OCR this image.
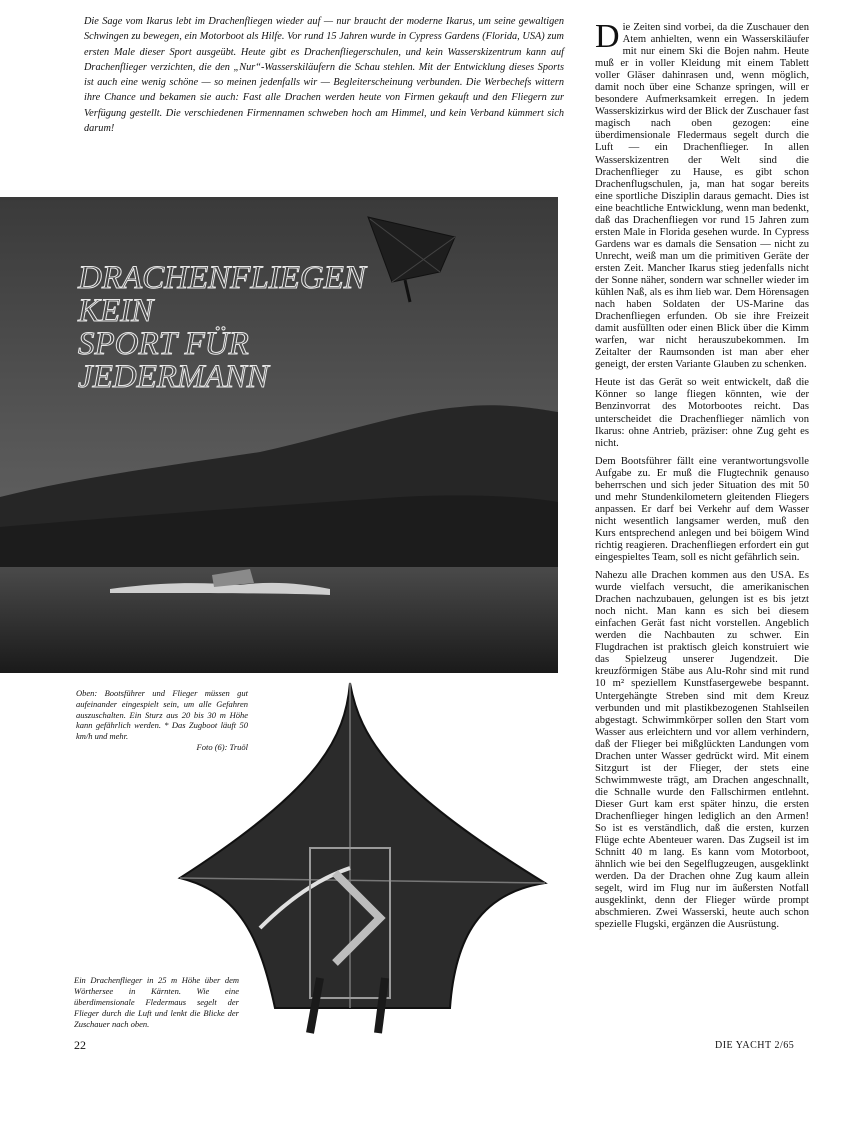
Die Sage vom Ikarus lebt im Drachenfliegen wieder auf — nur braucht der moderne Ikarus, um seine gewaltigen Schwingen zu bewegen, ein Motorboot als Hilfe. Vor rund 15 Jahren wurde in Cypress Gardens (Florida, USA) zum ersten Male dieser Sport ausgeübt. Heute gibt es Drachenfliegerschulen, und kein Wasserskizentrum kann auf Drachenflieger verzichten, die den „Nur“-Wasserskiläufern die Schau stehlen. Mit der Entwicklung dieses Sports ist auch eine wenig schöne — so meinen jedenfalls wir — Begleiterscheinung verbunden. Die Werbechefs wittern ihre Chance und bekamen sie auch: Fast alle Drachen werden heute von Firmen gekauft und den Fliegern zur Verfügung gestellt. Die verschiedenen Firmennamen schweben hoch am Himmel, und kein Verband kümmert sich darum!

DRACHENFLIEGEN
KEIN
SPORT FÜR
JEDERMANN
Oben: Bootsführer und Flieger müssen gut aufeinander eingespielt sein, um alle Gefahren auszuschalten. Ein Sturz aus 20 bis 30 m Höhe kann gefährlich werden. * Das Zugboot läuft 50 km/h und mehr.
Foto (6): Truöl
Ein Drachenflieger in 25 m Höhe über dem Wörthersee in Kärnten. Wie eine überdimensionale Fledermaus segelt der Flieger durch die Luft und lenkt die Blicke der Zuschauer nach oben.

Die Zeiten sind vorbei, da die Zuschauer den Atem anhielten, wenn ein Wasserskiläufer mit nur einem Ski die Bojen nahm. Heute muß er in voller Kleidung mit einem Tablett voller Gläser dahinrasen und, wenn möglich, damit noch über eine Schanze springen, will er besondere Aufmerksamkeit erregen. In jedem Wasserskizirkus wird der Blick der Zuschauer fast magisch nach oben gezogen: eine überdimensionale Fledermaus segelt durch die Luft — ein Drachenflieger. In allen Wasserskizentren der Welt sind die Drachenflieger zu Hause, es gibt schon Drachenflugschulen, ja, man hat sogar bereits eine sportliche Disziplin daraus gemacht. Dies ist eine beachtliche Entwicklung, wenn man bedenkt, daß das Drachenfliegen vor rund 15 Jahren zum ersten Male in Florida gesehen wurde. In Cypress Gardens war es damals die Sensation — nicht zu Unrecht, weiß man um die primitiven Geräte der ersten Zeit. Mancher Ikarus stieg jedenfalls nicht der Sonne näher, sondern war schneller wieder im kühlen Naß, als es ihm lieb war. Dem Hörensagen nach haben Soldaten der US-Marine das Drachenfliegen erfunden. Ob sie ihre Freizeit damit ausfüllten oder einen Blick über die Kimm warfen, war nicht herauszubekommen. Im Zeitalter der Raumsonden ist man aber eher geneigt, der ersten Variante Glauben zu schenken.

Heute ist das Gerät so weit entwickelt, daß die Könner so lange fliegen könnten, wie der Benzinvorrat des Motorbootes reicht. Das unterscheidet die Drachenflieger nämlich von Ikarus: ohne Antrieb, präziser: ohne Zug geht es nicht.

Dem Bootsführer fällt eine verantwortungsvolle Aufgabe zu. Er muß die Flugtechnik genauso beherrschen und sich jeder Situation des mit 50 und mehr Stundenkilometern gleitenden Fliegers anpassen. Er darf bei Verkehr auf dem Wasser nicht wesentlich langsamer werden, muß den Kurs entsprechend anlegen und bei böigem Wind richtig reagieren. Drachenfliegen erfordert ein gut eingespieltes Team, soll es nicht gefährlich sein.

Nahezu alle Drachen kommen aus den USA. Es wurde vielfach versucht, die amerikanischen Drachen nachzubauen, gelungen ist es bis jetzt noch nicht. Man kann es sich bei diesem einfachen Gerät fast nicht vorstellen. Angeblich werden die Nachbauten zu schwer. Ein Flugdrachen ist praktisch gleich konstruiert wie das Spielzeug unserer Jugendzeit. Die kreuzförmigen Stäbe aus Alu-Rohr sind mit rund 10 m² speziellem Kunstfasergewebe bespannt. Untergehängte Streben sind mit dem Kreuz verbunden und mit plastikbezogenen Stahlseilen abgestagt. Schwimmkörper sollen den Start vom Wasser aus erleichtern und vor allem verhindern, daß der Flieger bei mißglückten Landungen vom Drachen unter Wasser gedrückt wird. Mit einem Sitzgurt ist der Flieger, der stets eine Schwimmweste trägt, am Drachen angeschnallt, die Schnalle wurde den Fallschirmen entlehnt. Dieser Gurt kam erst später hinzu, die ersten Drachenflieger hingen lediglich an den Armen! So ist es verständlich, daß die ersten, kurzen Flüge echte Abenteuer waren. Das Zugseil ist im Schnitt 40 m lang. Es kann vom Motorboot, ähnlich wie bei den Segelflugzeugen, ausgeklinkt werden. Da der Drachen ohne Zug kaum allein segelt, wird im Flug nur im äußersten Notfall ausgeklinkt, denn der Flieger würde prompt abschmieren. Zwei Wasserski, heute auch schon spezielle Flugski, ergänzen die Ausrüstung.

22	DIE YACHT 2/65
